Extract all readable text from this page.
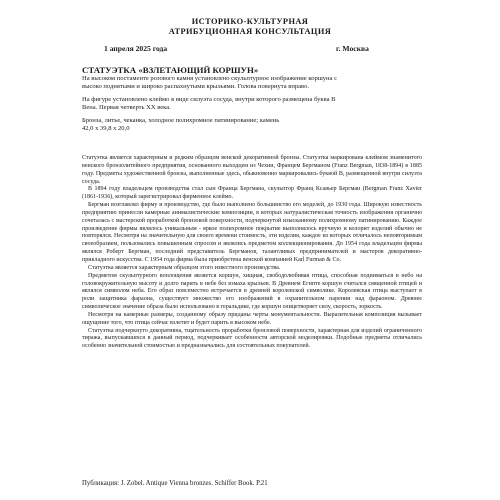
ИСТОРИКО-КУЛЬТУРНАЯ
АТРИБУЦИОННАЯ КОНСУЛЬТАЦИЯ
1 апреля 2025 года	г. Москва
СТАТУЭТКА «ВЗЛЕТАЮЩИЙ КОРШУН»
На высоком постаменте розового камня установлено скульптурное изображение коршуна с
высоко поднятыми и широко распахнутыми крыльями. Голова повернута вправо.
На фигуре установлено клеймо в виде силуэта сосуда, внутри которого размещена буква В
Вена. Первая четверть XX века.
Бронза, литье, чеканка, холодное полихромное патинирование; камень
42,0 x 39,8 x 20,0

Статуэтка является характерным и редким образцом венской декоративной бронзы. Статуэтка маркирована клеймом знаменитого венского бронзолитейного предприятия, основанного выходцем из Чехии, Францем Бергманом (Franz Bergman, 1838-1894) в 1885 году. Предметы художественной бронзы, выполненные здесь, обыкновенно маркировались буквой В, размещенной внутри силуэта сосуда.

В 1894 году владельцем производства стал сын Франца Бергмана, скульптор Франц Ксавьер Бергман (Bergman Franz Xavier (1861-1936), который зарегистрировал фирменное клеймо.

Бергман возглавлял фирму и производство, где было выполнено большинство его моделей, до 1930 года. Широкую известность предприятию принесли камерные анималистические композиции, в которых натуралистическая точность изображения органично сочеталась с мастерской проработкой бронзовой поверхности, подчеркнутой изысканному полихромному патинированию. Каждое произведение фирмы являлось уникальным - яркое полихромное покрытие выполнялось вручную и колорит изделий обычно не повторялся. Несмотря на значительную для своего времени стоимость, эти изделия, каждое из которых отличалось неповторимым своеобразием, пользовались повышенным спросом и являлись предметом коллекционирования. До 1954 года владельцем фирмы являлся Роберт Бергман, последний представитель Бергманов, талантливых предпринимателей и мастеров декоративно-прикладного искусства. С 1954 года фирма была приобретена венской компанией Karl Furman & Co.

Статуэтка является характерным образцом этого известного производства.

Предметом скульптурного воплощения является коршун, хищная, свободолюбивая птица, способная подниматься в небо на головокружительную высоту и долго парить в небе без взмаха крыльев. В Древнем Египте коршун считался священной птицей и являлся символом неба. Его образ повсеместно встречается в древней королевской символике. Королевская птица выступает в роли защитника фараона, существует множество его изображений в охранительном парении над фараоном. Древнее символическое значение образа было использовано в геральдике, где коршун олицетворяет силу, скорость, зоркость.

Несмотря на камерные размеры, созданному образу приданы черты монументальности. Выразительная композиция вызывает ощущение того, что птица сейчас взлетит и будет парить в высоком небе.

Статуэтка подчеркнуто декоративна, тщательность проработки бронзовой поверхности, характерная для изделий ограниченного тиража, выпускавшихся в данный период, подчеркивает особенности авторской моделировки. Подобные предметы отличались особенно значительной стоимостью и предназначались для состоятельных покупателей.

Публикация: J. Zobel. Antique Vienna bronzes. Schiffer Book. P.21
